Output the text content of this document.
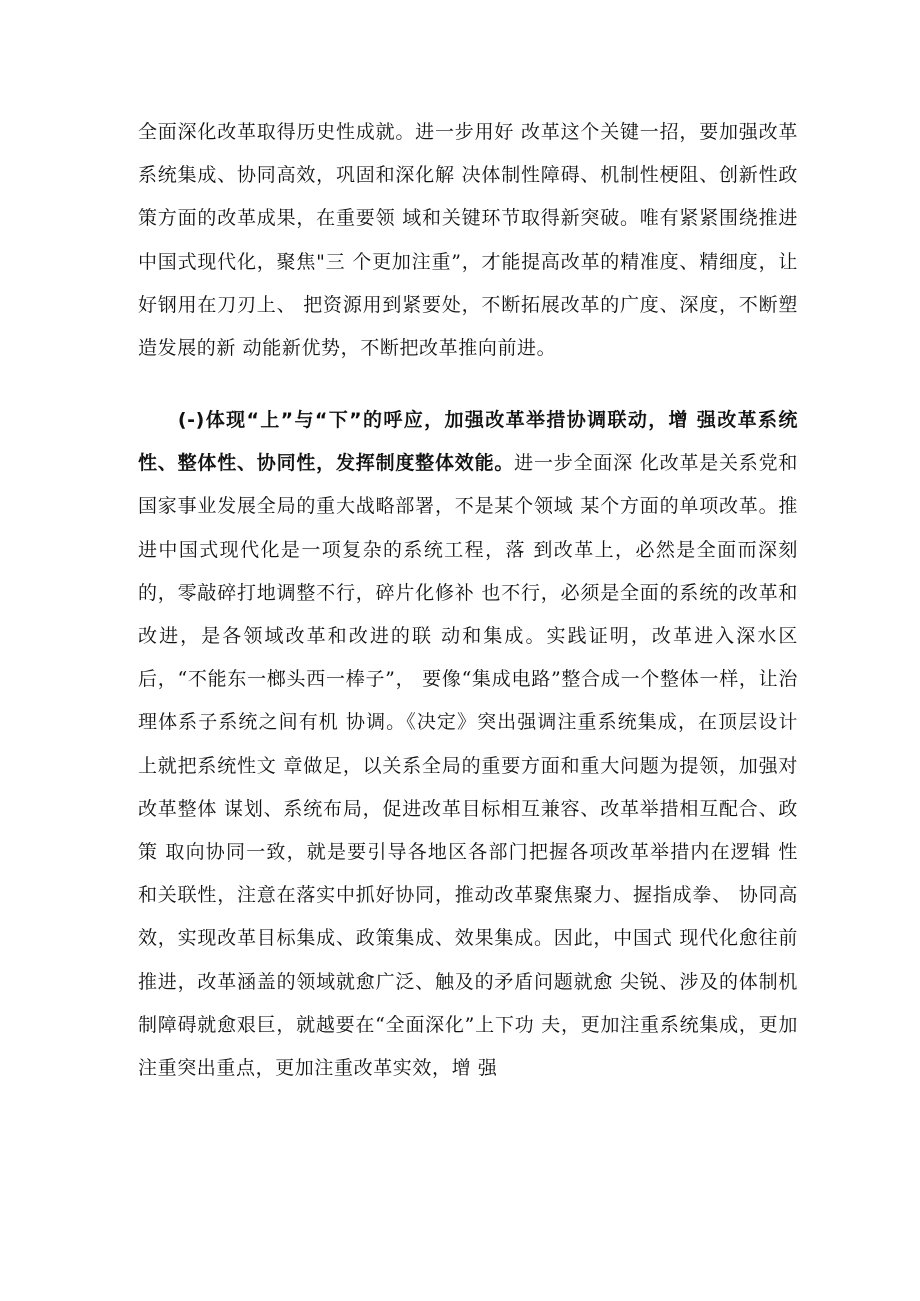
全面深化改革取得历史性成就。进一步用好 改革这个关键一招，要加强改革系统集成、协同高效，巩固和深化解 决体制性障碍、机制性梗阻、创新性政策方面的改革成果，在重要领 域和关键环节取得新突破。唯有紧紧围绕推进中国式现代化，聚焦"三 个更加注重”，才能提高改革的精准度、精细度，让好钢用在刀刃上、 把资源用到紧要处，不断拓展改革的广度、深度，不断塑造发展的新 动能新优势，不断把改革推向前进。

(-)体现“上”与“下”的呼应，加强改革举措协调联动，增 强改革系统性、整体性、协同性，发挥制度整体效能。进一步全面深 化改革是关系党和国家事业发展全局的重大战略部署，不是某个领域 某个方面的单项改革。推进中国式现代化是一项复杂的系统工程，落 到改革上，必然是全面而深刻的，零敲碎打地调整不行，碎片化修补 也不行，必须是全面的系统的改革和改进，是各领域改革和改进的联 动和集成。实践证明，改革进入深水区后，“不能东一榔头西一棒子”， 要像“集成电路”整合成一个整体一样，让治理体系子系统之间有机 协调。《决定》突出强调注重系统集成，在顶层设计上就把系统性文 章做足，以关系全局的重要方面和重大问题为提领，加强对改革整体 谋划、系统布局，促进改革目标相互兼容、改革举措相互配合、政策 取向协同一致，就是要引导各地区各部门把握各项改革举措内在逻辑 性和关联性，注意在落实中抓好协同，推动改革聚焦聚力、握指成拳、 协同高效，实现改革目标集成、政策集成、效果集成。因此，中国式 现代化愈往前推进，改革涵盖的领域就愈广泛、触及的矛盾问题就愈 尖锐、涉及的体制机制障碍就愈艰巨，就越要在“全面深化”上下功 夫，更加注重系统集成，更加注重突出重点，更加注重改革实效，增 强
